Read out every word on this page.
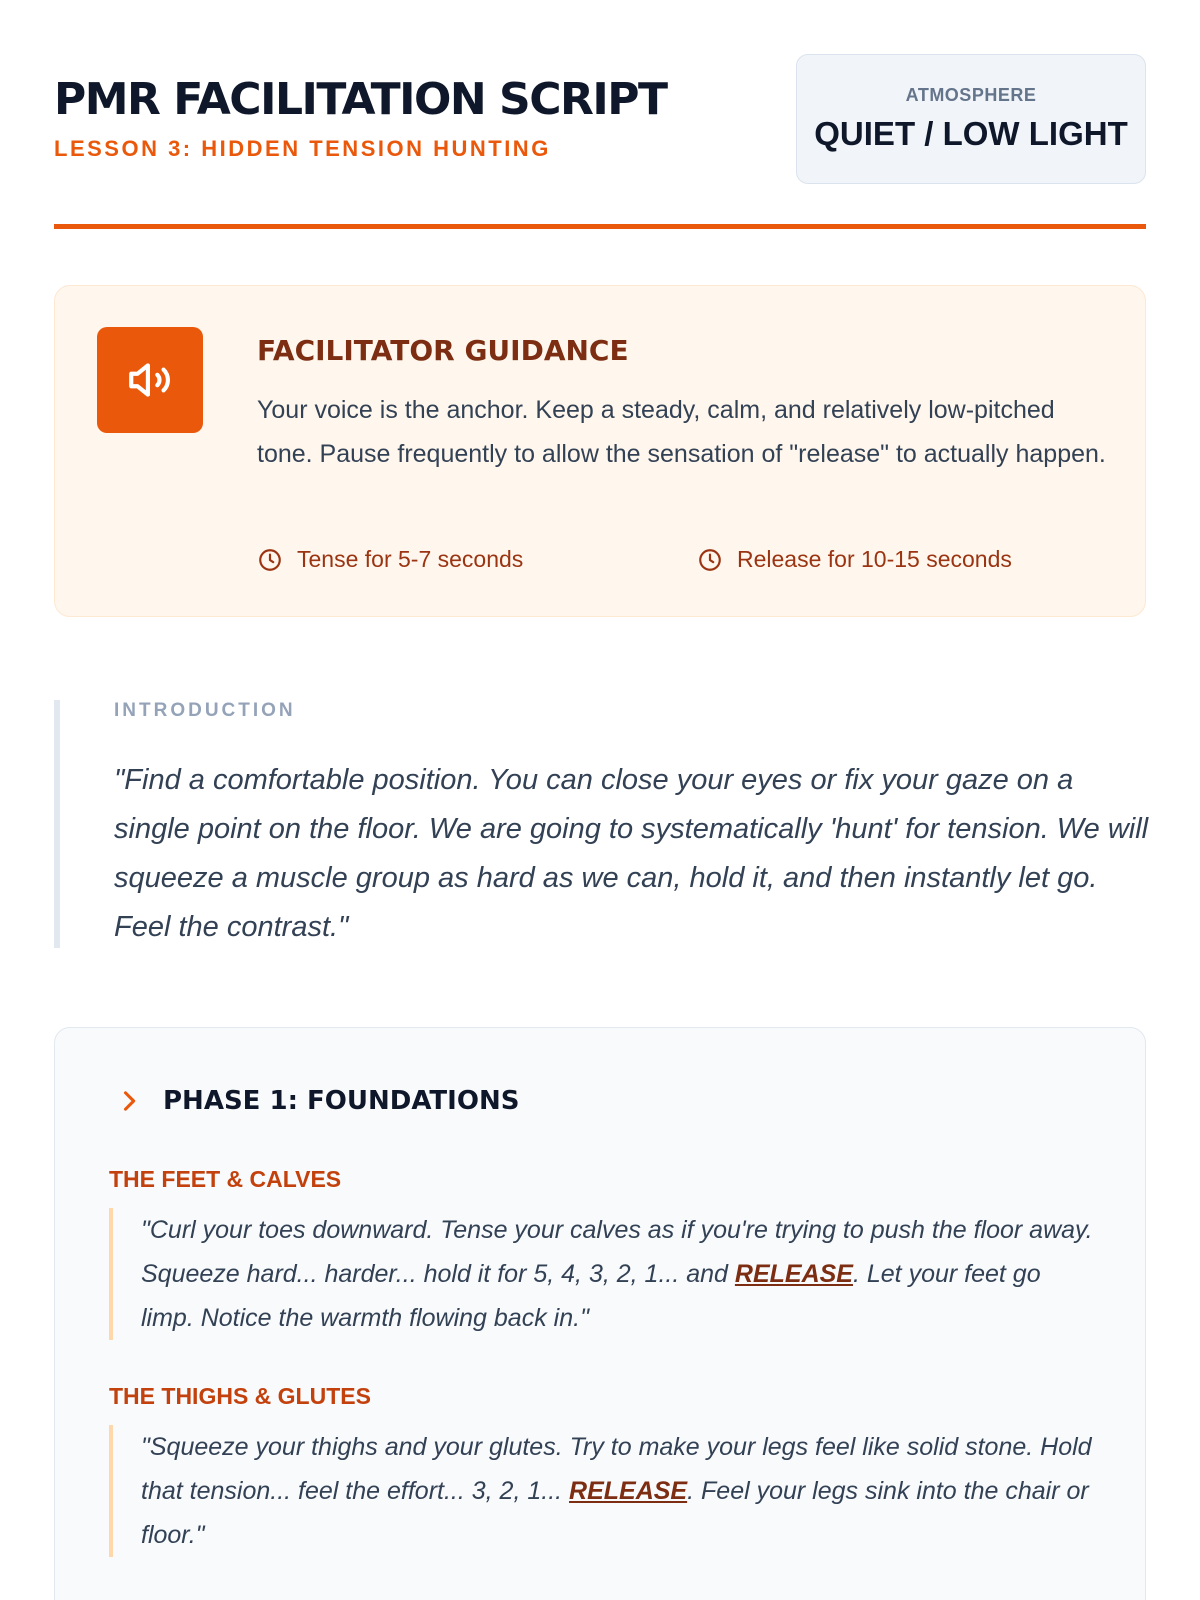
PMR FACILITATION SCRIPT
LESSON 3: HIDDEN TENSION HUNTING
ATMOSPHERE
QUIET / LOW LIGHT
FACILITATOR GUIDANCE
Your voice is the anchor. Keep a steady, calm, and relatively low-pitched tone. Pause frequently to allow the sensation of "release" to actually happen.
Tense for 5-7 seconds	Release for 10-15 seconds
INTRODUCTION
"Find a comfortable position. You can close your eyes or fix your gaze on a single point on the floor. We are going to systematically 'hunt' for tension. We will squeeze a muscle group as hard as we can, hold it, and then instantly let go. Feel the contrast."
PHASE 1: FOUNDATIONS
THE FEET & CALVES
"Curl your toes downward. Tense your calves as if you're trying to push the floor away. Squeeze hard... harder... hold it for 5, 4, 3, 2, 1... and RELEASE. Let your feet go limp. Notice the warmth flowing back in."
THE THIGHS & GLUTES
"Squeeze your thighs and your glutes. Try to make your legs feel like solid stone. Hold that tension... feel the effort... 3, 2, 1... RELEASE. Feel your legs sink into the chair or floor."
